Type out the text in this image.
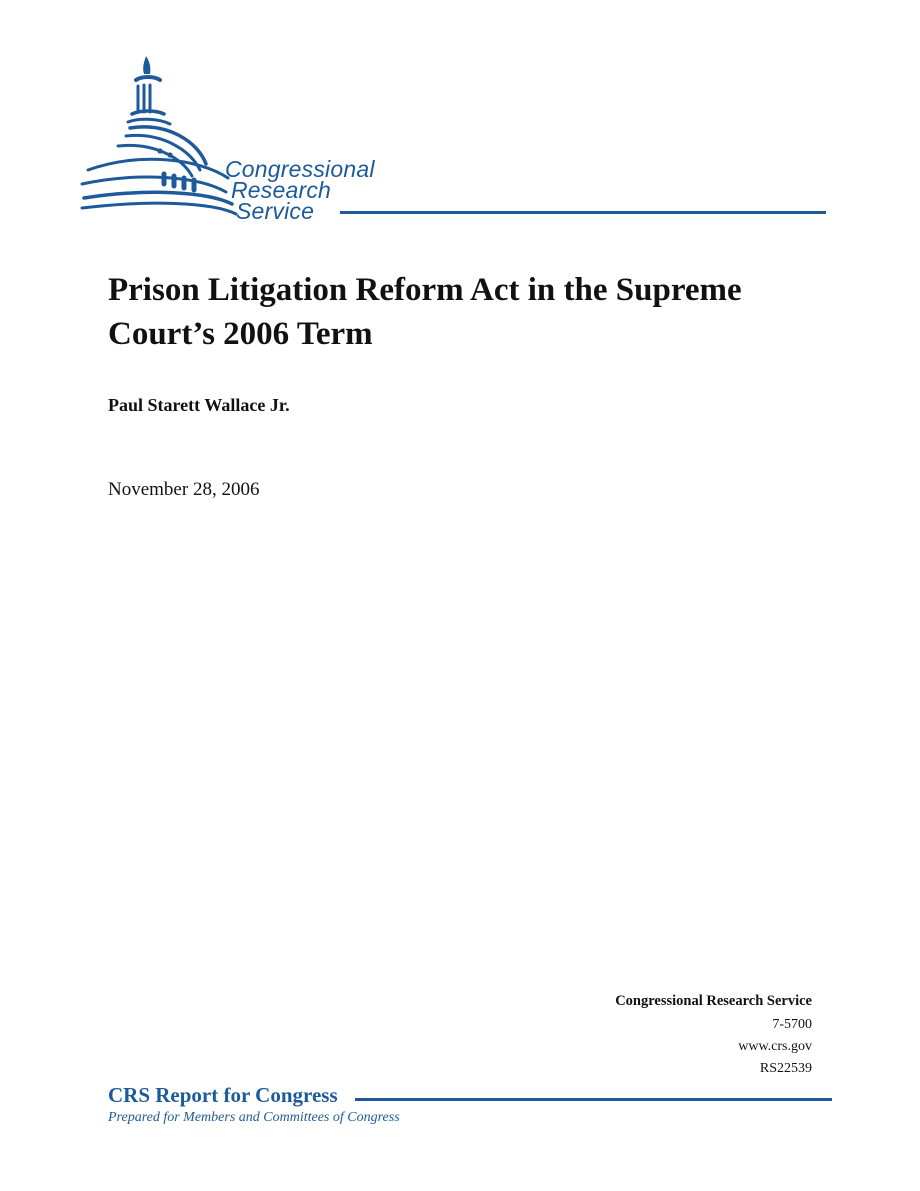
Congressional
Research
Service
Prison Litigation Reform Act in the Supreme Court’s 2006 Term

Paul Starett Wallace Jr.

November 28, 2006

Congressional Research Service
7-5700
www.crs.gov
RS22539

CRS Report for Congress

Prepared for Members and Committees of Congress
